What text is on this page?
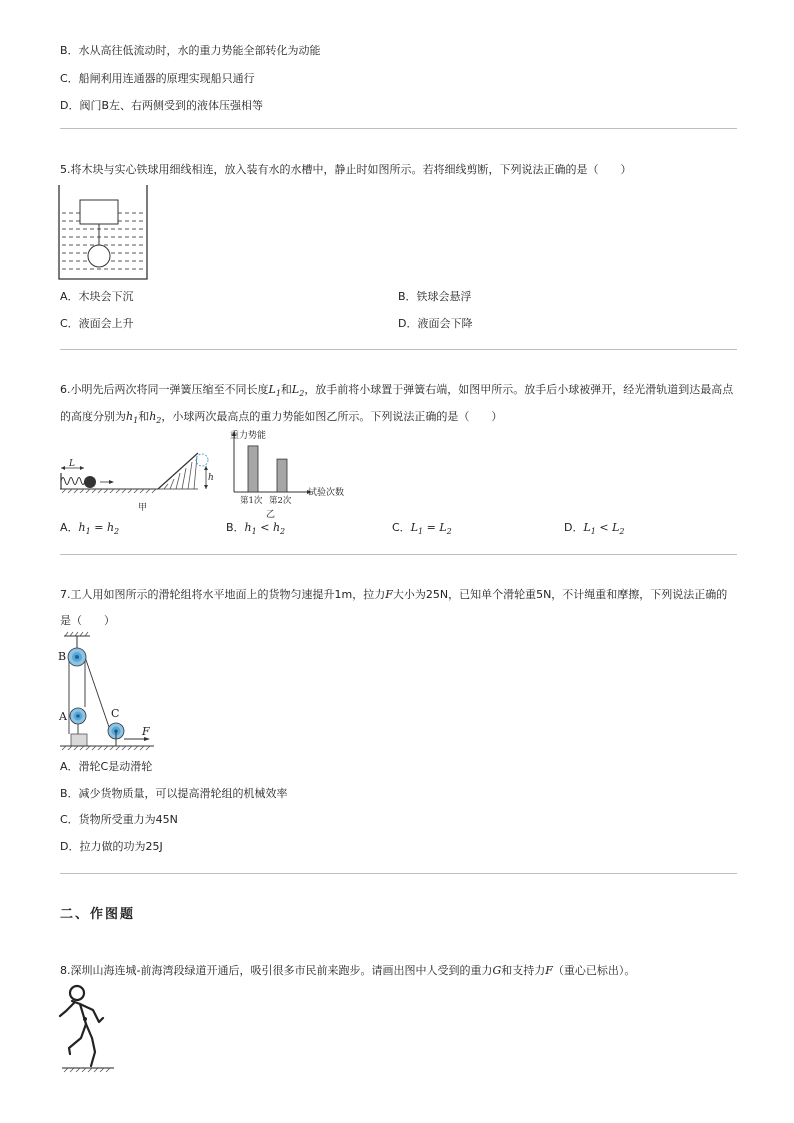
B．水从高往低流动时，水的重力势能全部转化为动能
C．船闸利用连通器的原理实现船只通行
D．阀门B左、右两侧受到的液体压强相等
5.将木块与实心铁球用细线相连，放入装有水的水槽中，静止时如图所示。若将细线剪断，下列说法正确的是（　　）
A．木块会下沉	B．铁球会悬浮
C．液面会上升	D．液面会下降
6.小明先后两次将同一弹簧压缩至不同长度$L_1$和$L_2$，放手前将小球置于弹簧右端，如图甲所示。放手后小球被弹开，经光滑轨道到达最高点
的高度分别为$h_1$和$h_2$，小球两次最高点的重力势能如图乙所示。下列说法正确的是（　　）
L
h
甲
重力势能
试验次数
乙
第1次 第2次
A．$h_1 = h_2$	B．$h_1 < h_2$	C．$L_1 = L_2$	D．$L_1 < L_2$
7.工人用如图所示的滑轮组将水平地面上的货物匀速提升1m，拉力F大小为25N，已知单个滑轮重5N，不计绳重和摩擦，下列说法正确的
是（　　）
B
A	C
F
A．滑轮C是动滑轮
B．减少货物质量，可以提高滑轮组的机械效率
C．货物所受重力为45N
D．拉力做的功为25J
二、作图题
8.深圳山海连城-前海湾段绿道开通后，吸引很多市民前来跑步。请画出图中人受到的重力G和支持力F（重心已标出）。
